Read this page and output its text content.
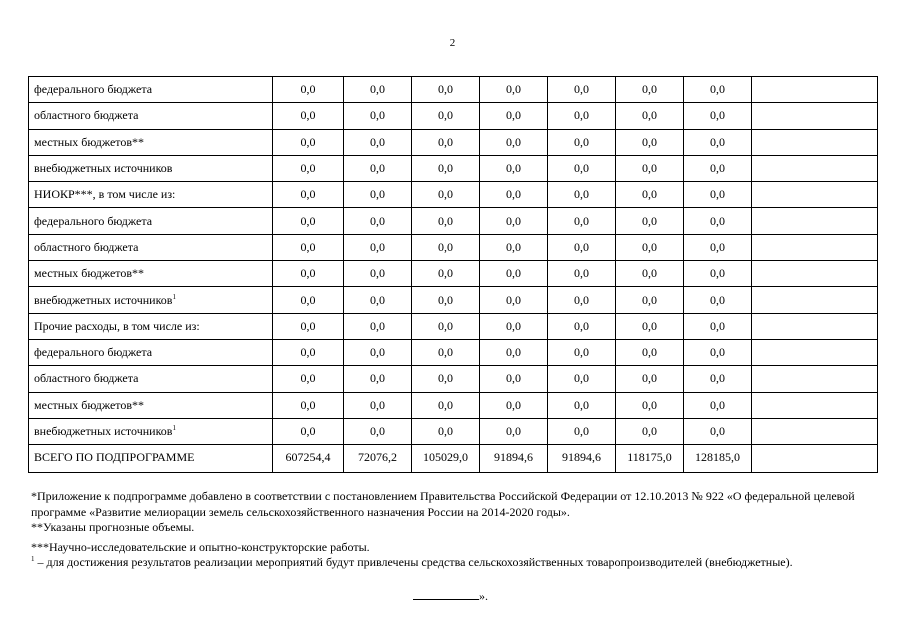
2
федерального бюджета	0,0	0,0	0,0	0,0	0,0	0,0	0,0	
областного бюджета	0,0	0,0	0,0	0,0	0,0	0,0	0,0	
местных бюджетов**	0,0	0,0	0,0	0,0	0,0	0,0	0,0	
внебюджетных источников	0,0	0,0	0,0	0,0	0,0	0,0	0,0	
НИОКР***, в том числе из:	0,0	0,0	0,0	0,0	0,0	0,0	0,0	
федерального бюджета	0,0	0,0	0,0	0,0	0,0	0,0	0,0	
областного бюджета	0,0	0,0	0,0	0,0	0,0	0,0	0,0	
местных бюджетов**	0,0	0,0	0,0	0,0	0,0	0,0	0,0	
внебюджетных источников$^1$	0,0	0,0	0,0	0,0	0,0	0,0	0,0	
Прочие расходы, в том числе из:	0,0	0,0	0,0	0,0	0,0	0,0	0,0	
федерального бюджета	0,0	0,0	0,0	0,0	0,0	0,0	0,0	
областного бюджета	0,0	0,0	0,0	0,0	0,0	0,0	0,0	
местных бюджетов**	0,0	0,0	0,0	0,0	0,0	0,0	0,0	
внебюджетных источников$^1$	0,0	0,0	0,0	0,0	0,0	0,0	0,0	
ВСЕГО ПО ПОДПРОГРАММЕ	607254,4	72076,2	105029,0	91894,6	91894,6	118175,0	128185,0	

*Приложение к подпрограмме добавлено в соответствии с постановлением Правительства Российской Федерации от 12.10.2013 № 922 «О федеральной целевой программе «Развитие мелиорации земель сельскохозяйственного назначения России на 2014-2020 годы».

**Указаны прогнозные объемы.

***Научно-исследовательские и опытно-конструкторские работы.

$^1$ – для достижения результатов реализации мероприятий будут привлечены средства сельскохозяйственных товаропроизводителей (внебюджетные).

».
